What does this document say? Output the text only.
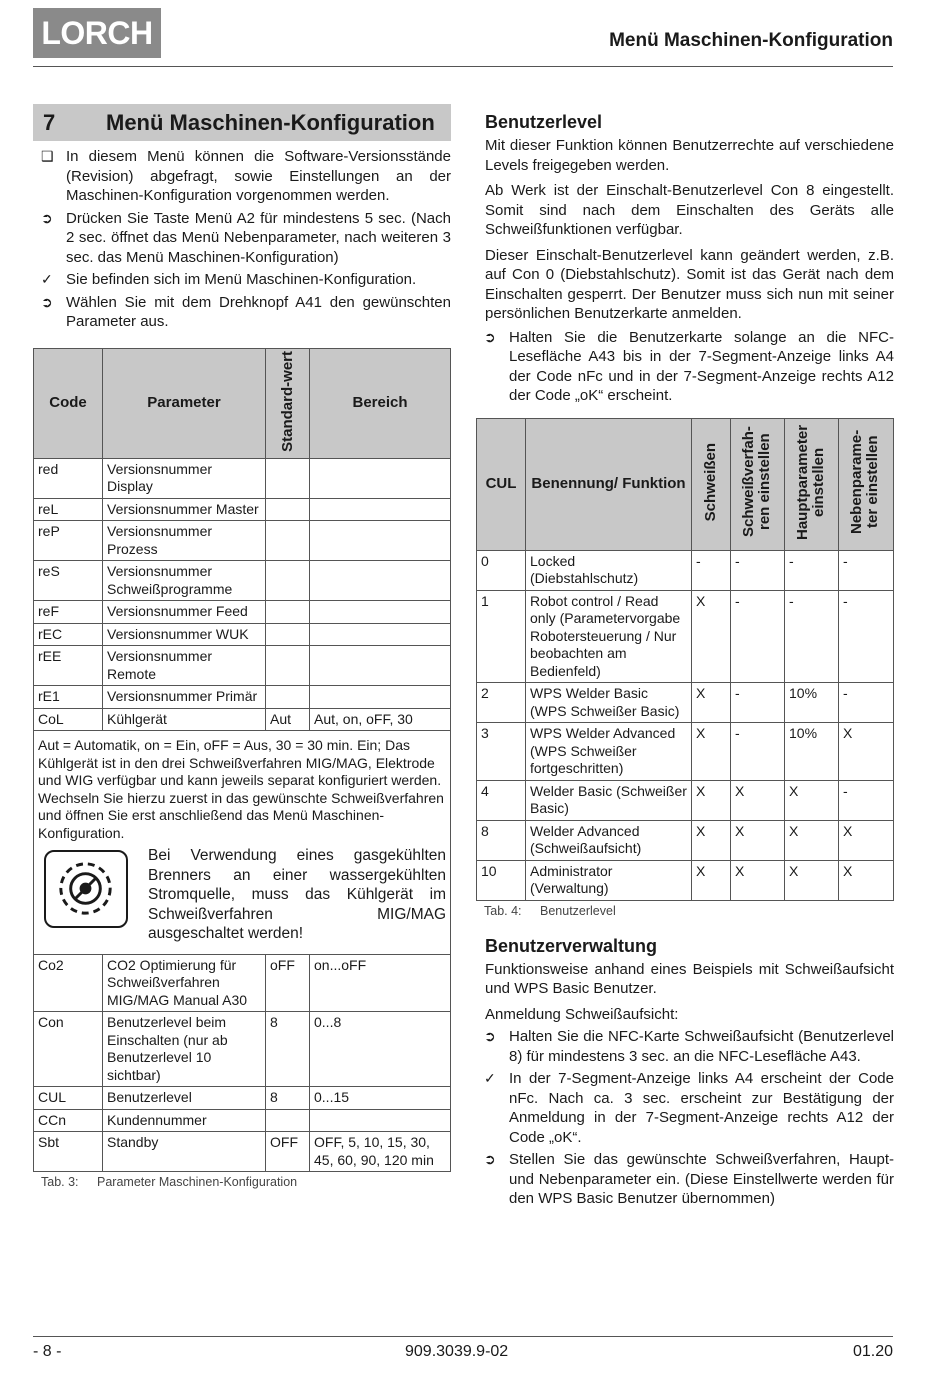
LORCH	Menü Maschinen-Konfiguration
7	Menü Maschinen-Konfiguration
❑ In diesem Menü können die Software-Versionsstände (Revision) abgefragt, sowie Einstellungen an der Maschinen-Konfiguration vorgenommen werden.
➲ Drücken Sie Taste Menü A2 für mindestens 5 sec. (Nach 2 sec. öffnet das Menü Nebenparameter, nach weiteren 3 sec. das Menü Maschinen-Konfiguration)
✓ Sie befinden sich im Menü Maschinen-Konfiguration.
➲ Wählen Sie mit dem Drehknopf A41 den gewünschten Parameter aus.
Code	Parameter	Standard-wert	Bereich
red	Versionsnummer Display		
reL	Versionsnummer Master		
reP	Versionsnummer Prozess		
reS	Versionsnummer Schweißprogramme		
reF	Versionsnummer Feed		
rEC	Versionsnummer WUK		
rEE	Versionsnummer Remote		
rE1	Versionsnummer Primär		
CoL	Kühlgerät	Aut	Aut, on, oFF, 30

Aut = Automatik, on = Ein, oFF = Aus, 30 = 30 min. Ein; Das Kühlgerät ist in den drei Schweißverfahren MIG/MAG, Elektrode und WIG verfügbar und kann jeweils separat konfiguriert werden. Wechseln Sie hierzu zuerst in das gewünschte Schweißverfahren und öffnen Sie erst anschließend das Menü Maschinen-Konfiguration.
Bei Verwendung eines gasgekühlten Brenners an einer wassergekühlten Stromquelle, muss das Kühlgerät im Schweißverfahren MIG/MAG ausgeschaltet werden!			

Co2	CO2 Optimierung für Schweißverfahren MIG/MAG Manual A30	oFF	on...oFF
Con	Benutzerlevel beim Einschalten (nur ab Benutzerlevel 10 sichtbar)	8	0...8
CUL	Benutzerlevel	8	0...15
CCn	Kundennummer		
Sbt	Standby	OFF	OFF, 5, 10, 15, 30, 45, 60, 90, 120 min
Tab. 3:	Parameter Maschinen-Konfiguration
Benutzerlevel
Mit dieser Funktion können Benutzerrechte auf verschiedene Levels freigegeben werden.
Ab Werk ist der Einschalt-Benutzerlevel Con 8 eingestellt. Somit sind nach dem Einschalten des Geräts alle Schweißfunktionen verfügbar.
Dieser Einschalt-Benutzerlevel kann geändert werden, z.B. auf Con 0 (Diebstahlschutz). Somit ist das Gerät nach dem Einschalten gesperrt. Der Benutzer muss sich nun mit seiner persönlichen Benutzerkarte anmelden.
➲ Halten Sie die Benutzerkarte solange an die NFC-Lesefläche A43 bis in der 7-Segment-Anzeige links A4 der Code nFc und in der 7-Segment-Anzeige rechts A12 der Code „oK“ erscheint.
CUL	Benennung/ Funktion	Schweißen	Schweißverfah-ren einstellen	Hauptparameter einstellen	Nebenparame-ter einstellen
0	Locked (Diebstahlschutz)	-	-	-	-
1	Robot control / Read only (Parametervorgabe Robotersteuerung / Nur beobachten am Bedienfeld)	X	-	-	-
2	WPS Welder Basic (WPS Schweißer Basic)	X	-	10%	-
3	WPS Welder Advanced (WPS Schweißer fortgeschritten)	X	-	10%	X
4	Welder Basic (Schweißer Basic)	X	X	X	-
8	Welder Advanced (Schweißaufsicht)	X	X	X	X
10	Administrator (Verwaltung)	X	X	X	X
Tab. 4:	Benutzerlevel
Benutzerverwaltung
Funktionsweise anhand eines Beispiels mit Schweißaufsicht und WPS Basic Benutzer.
Anmeldung Schweißaufsicht:
➲ Halten Sie die NFC-Karte Schweißaufsicht (Benutzerlevel 8) für mindestens 3 sec. an die NFC-Lesefläche A43.
✓ In der 7-Segment-Anzeige links A4 erscheint der Code nFc. Nach ca. 3 sec. erscheint zur Bestätigung der Anmeldung in der 7-Segment-Anzeige rechts A12 der Code „oK“.
➲ Stellen Sie das gewünschte Schweißverfahren, Haupt- und Nebenparameter ein. (Diese Einstellwerte werden für den WPS Basic Benutzer übernommen)
- 8 -	909.3039.9-02	01.20
